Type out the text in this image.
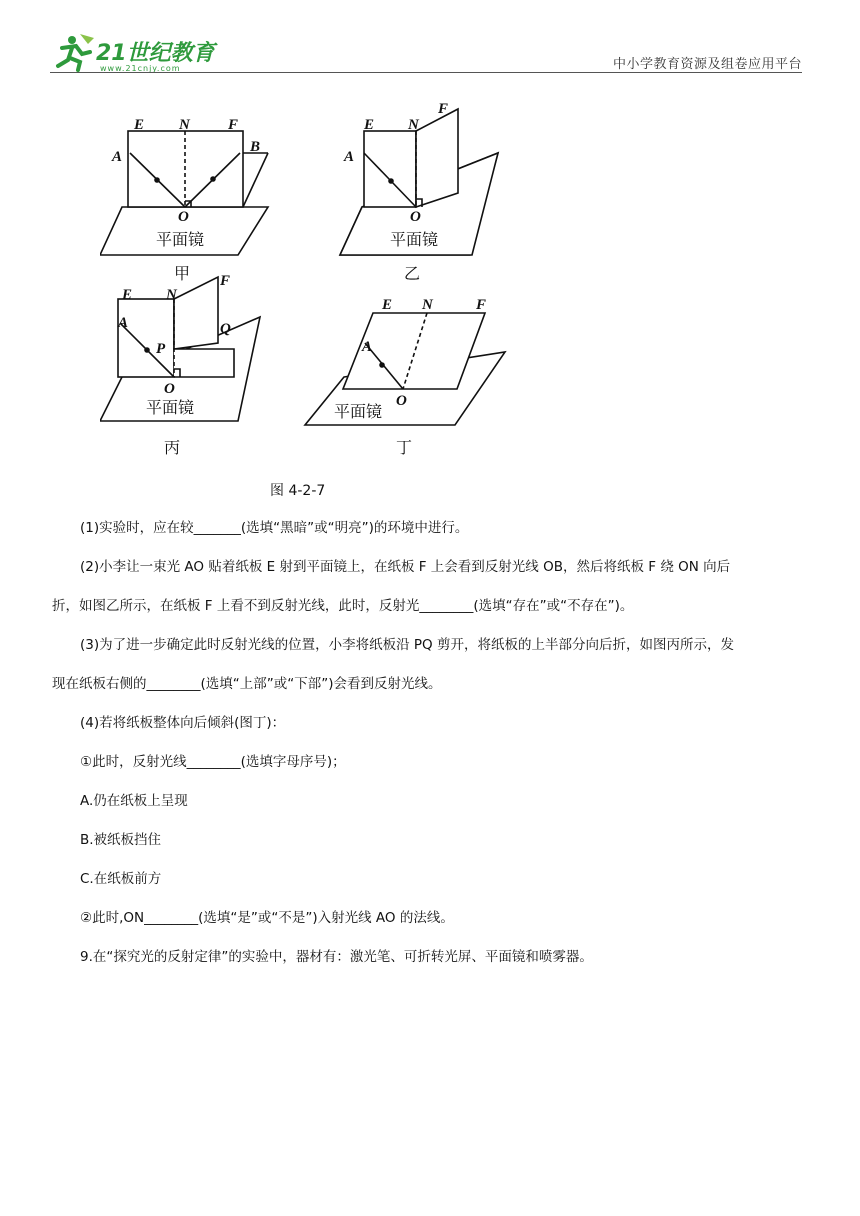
21世纪教育
www.21cnjy.com	中小学教育资源及组卷应用平台
E N	F
A
B
O
E N
F
A
O
E N
F
A	Q
P
O
E N	F
A
O
平面镜	平面镜
平面镜	平面镜
甲	乙
丙	丁
图 4-2-7
(1)实验时，应在较_______(选填“黑暗”或“明亮”)的环境中进行。
(2)小李让一束光 AO 贴着纸板 E 射到平面镜上，在纸板 F 上会看到反射光线 OB，然后将纸板 F 绕 ON 向后
折，如图乙所示，在纸板 F 上看不到反射光线，此时，反射光________(选填“存在”或“不存在”)。
(3)为了进一步确定此时反射光线的位置，小李将纸板沿 PQ 剪开，将纸板的上半部分向后折，如图丙所示，发
现在纸板右侧的________(选填“上部”或“下部”)会看到反射光线。
(4)若将纸板整体向后倾斜(图丁)：
①此时，反射光线________(选填字母序号)；
A.仍在纸板上呈现
B.被纸板挡住
C.在纸板前方
②此时,ON________(选填“是”或“不是”)入射光线 AO 的法线。
9.在“探究光的反射定律”的实验中，器材有：激光笔、可折转光屏、平面镜和喷雾器。
